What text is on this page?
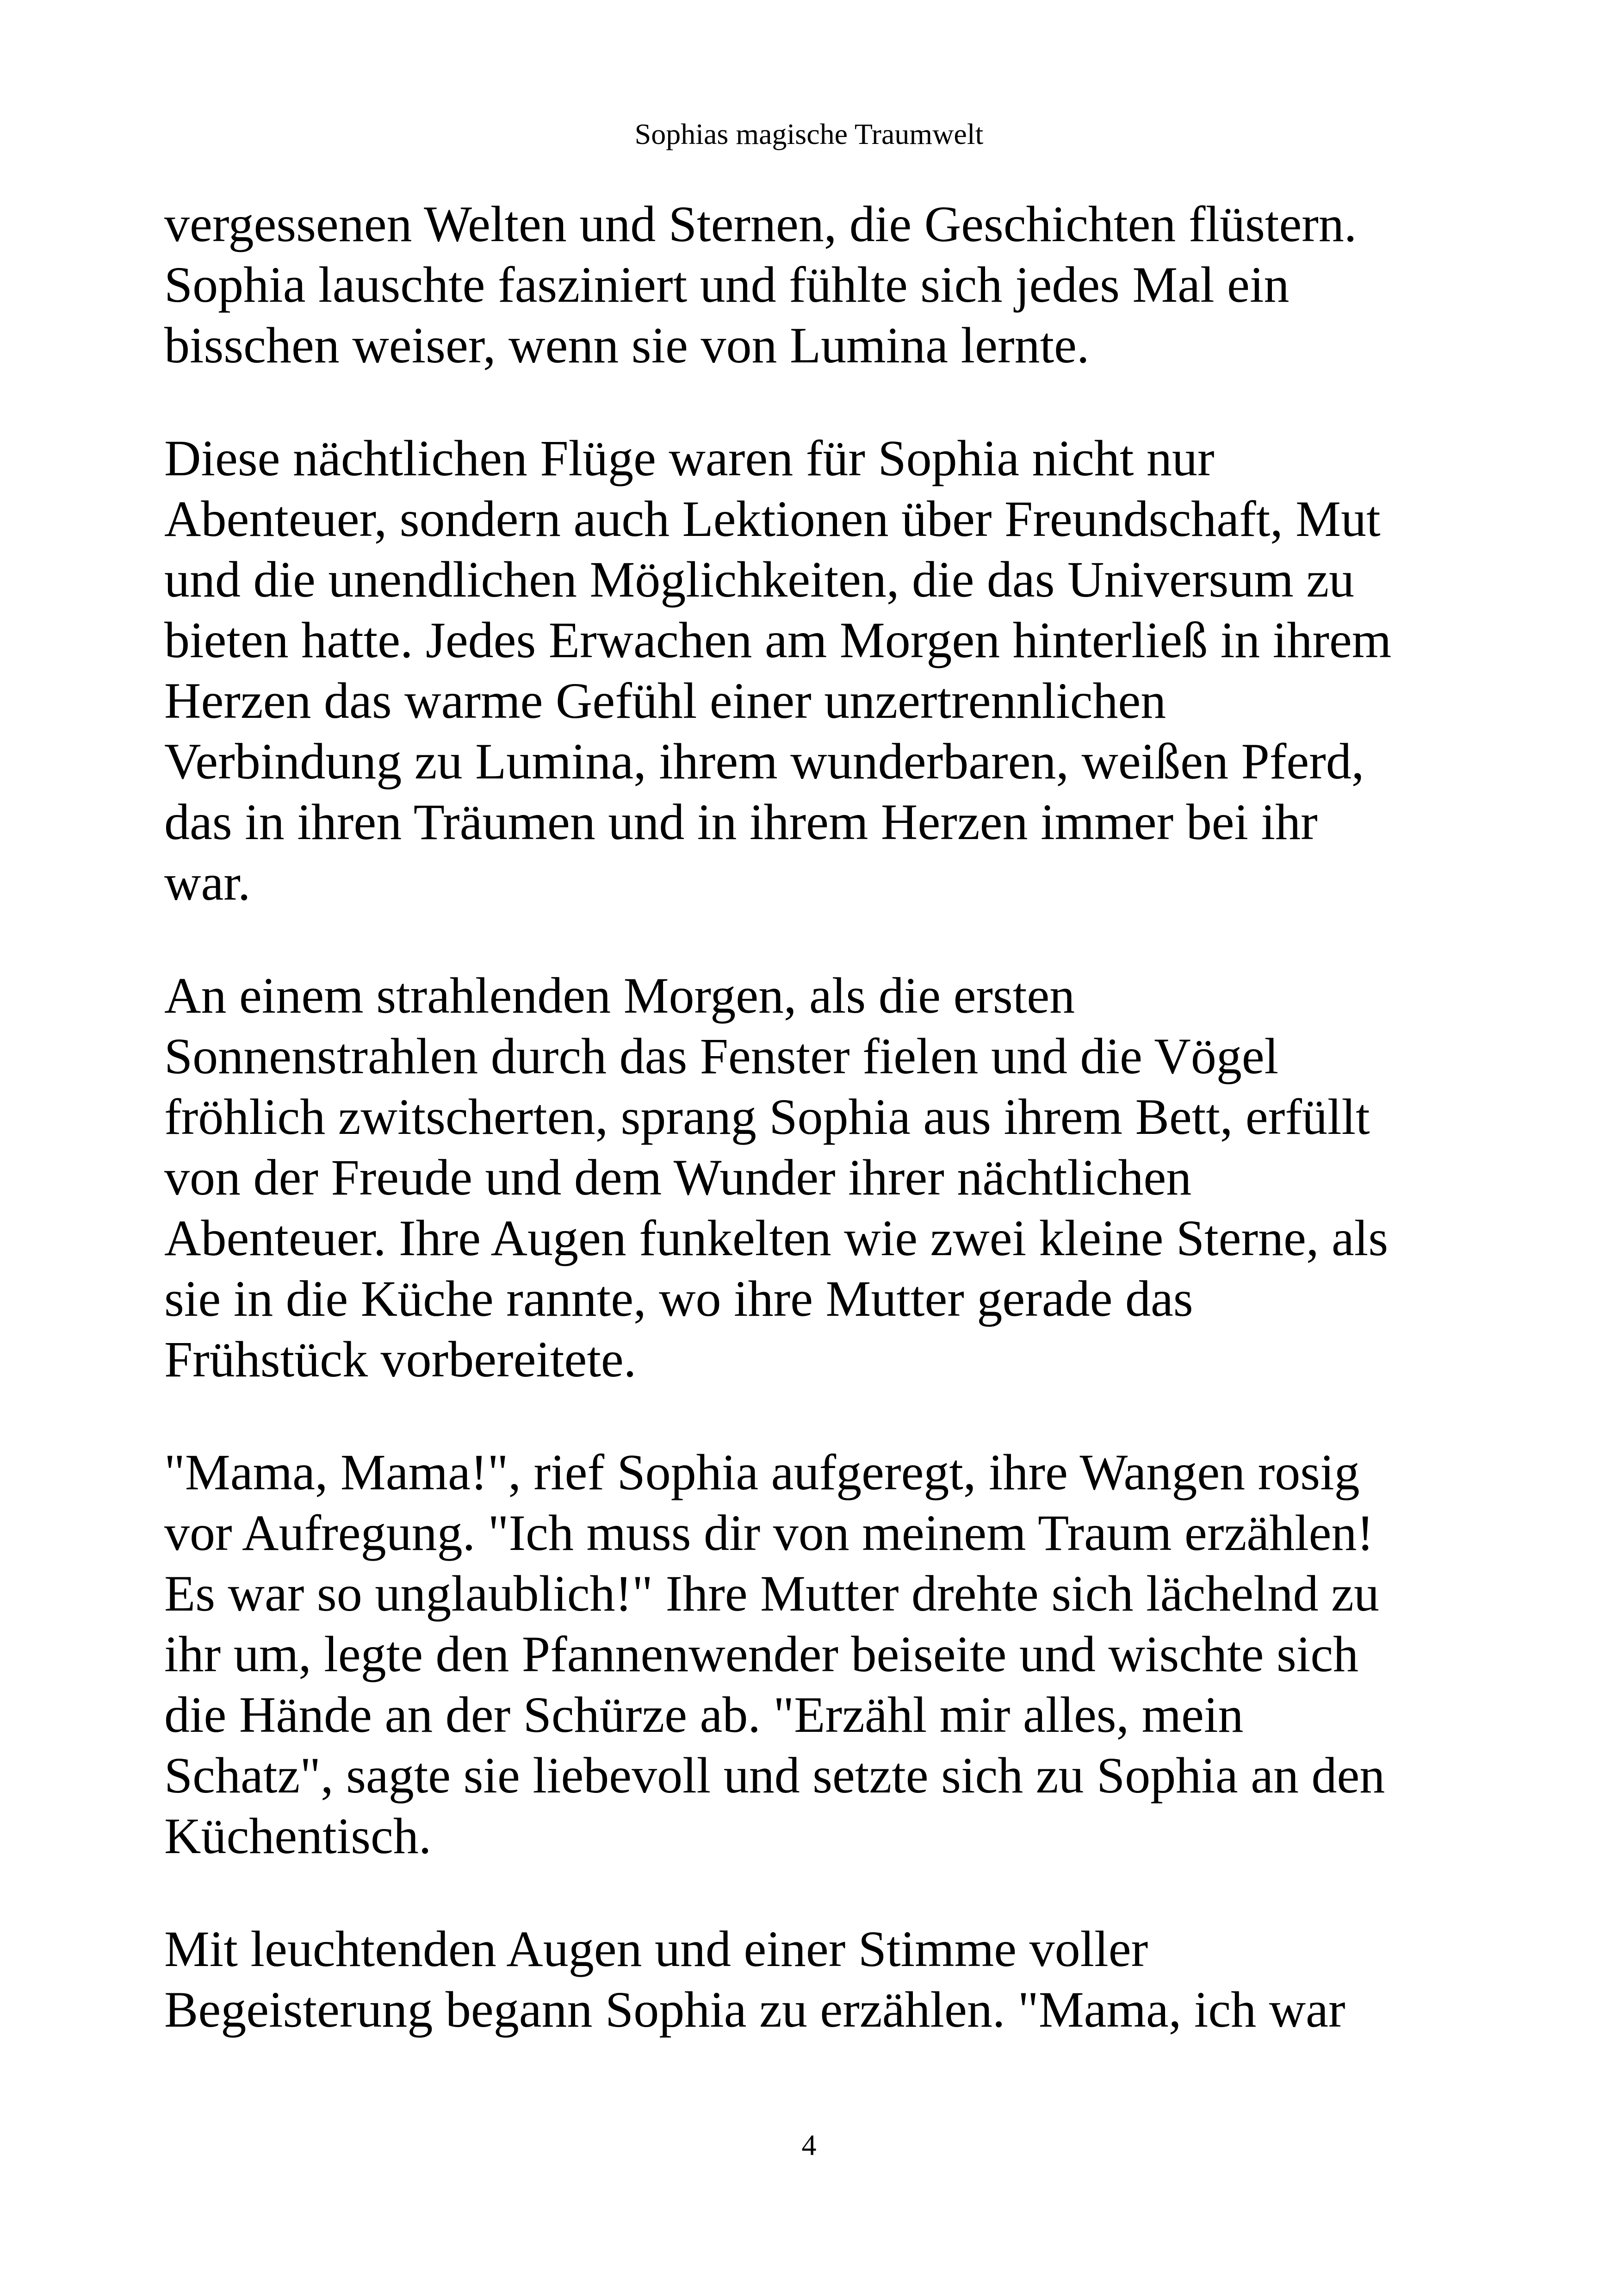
Sophias magische Traumwelt

vergessenen Welten und Sternen, die Geschichten flüstern.
Sophia lauschte fasziniert und fühlte sich jedes Mal ein
bisschen weiser, wenn sie von Lumina lernte.

Diese nächtlichen Flüge waren für Sophia nicht nur
Abenteuer, sondern auch Lektionen über Freundschaft, Mut
und die unendlichen Möglichkeiten, die das Universum zu
bieten hatte. Jedes Erwachen am Morgen hinterließ in ihrem
Herzen das warme Gefühl einer unzertrennlichen
Verbindung zu Lumina, ihrem wunderbaren, weißen Pferd,
das in ihren Träumen und in ihrem Herzen immer bei ihr
war.

An einem strahlenden Morgen, als die ersten
Sonnenstrahlen durch das Fenster fielen und die Vögel
fröhlich zwitscherten, sprang Sophia aus ihrem Bett, erfüllt
von der Freude und dem Wunder ihrer nächtlichen
Abenteuer. Ihre Augen funkelten wie zwei kleine Sterne, als
sie in die Küche rannte, wo ihre Mutter gerade das
Frühstück vorbereitete.

"Mama, Mama!", rief Sophia aufgeregt, ihre Wangen rosig
vor Aufregung. "Ich muss dir von meinem Traum erzählen!
Es war so unglaublich!" Ihre Mutter drehte sich lächelnd zu
ihr um, legte den Pfannenwender beiseite und wischte sich
die Hände an der Schürze ab. "Erzähl mir alles, mein
Schatz", sagte sie liebevoll und setzte sich zu Sophia an den
Küchentisch.

Mit leuchtenden Augen und einer Stimme voller
Begeisterung begann Sophia zu erzählen. "Mama, ich war

4
